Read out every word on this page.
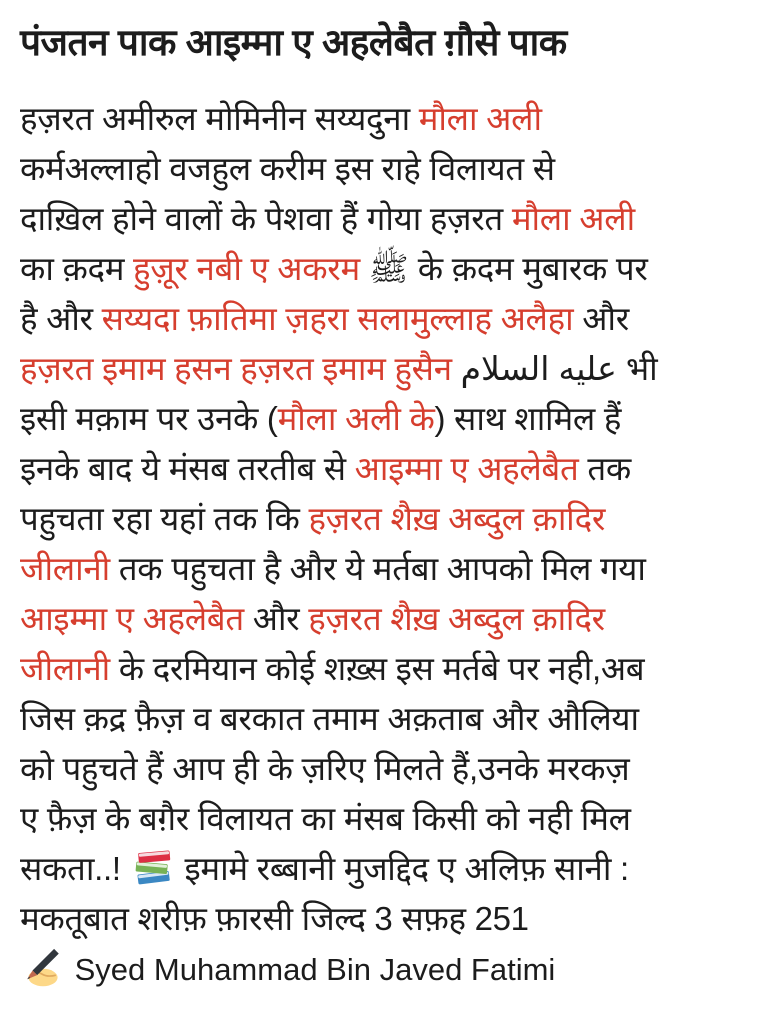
पंजतन पाक आइम्मा ए अहलेबैत ग़ौसे पाक
हज़रत अमीरुल मोमिनीन सय्यदुना मौला अली
कर्मअल्लाहो वजहुल करीम इस राहे विलायत से
दाख़िल होने वालों के पेशवा हैं गोया हज़रत मौला अली
का क़दम हुज़ूर नबी ए अकरम ﷺ के क़दम मुबारक पर
है और सय्यदा फ़ातिमा ज़हरा सलामुल्लाह अलैहा और
हज़रत इमाम हसन हज़रत इमाम हुसैन عليه السلام भी
इसी मक़ाम पर उनके (मौला अली के) साथ शामिल हैं
इनके बाद ये मंसब तरतीब से आइम्मा ए अहलेबैत तक
पहुचता रहा यहां तक कि हज़रत शैख़ अब्दुल क़ादिर
जीलानी तक पहुचता है और ये मर्तबा आपको मिल गया
आइम्मा ए अहलेबैत और हज़रत शैख़ अब्दुल क़ादिर
जीलानी के दरमियान कोई शख़्स इस मर्तबे पर नही,अब
जिस क़द्र फ़ैज़ व बरकात तमाम अक़ताब और औलिया
को पहुचते हैं आप ही के ज़रिए मिलते हैं,उनके मरकज़
ए फ़ैज़ के बग़ैर विलायत का मंसब किसी को नही मिल
सकता..!  इमामे रब्बानी मुजद्दिद ए अलिफ़ सानी :
मकतूबात शरीफ़ फ़ारसी जिल्द 3 सफ़ह 251
Syed Muhammad Bin Javed Fatimi
